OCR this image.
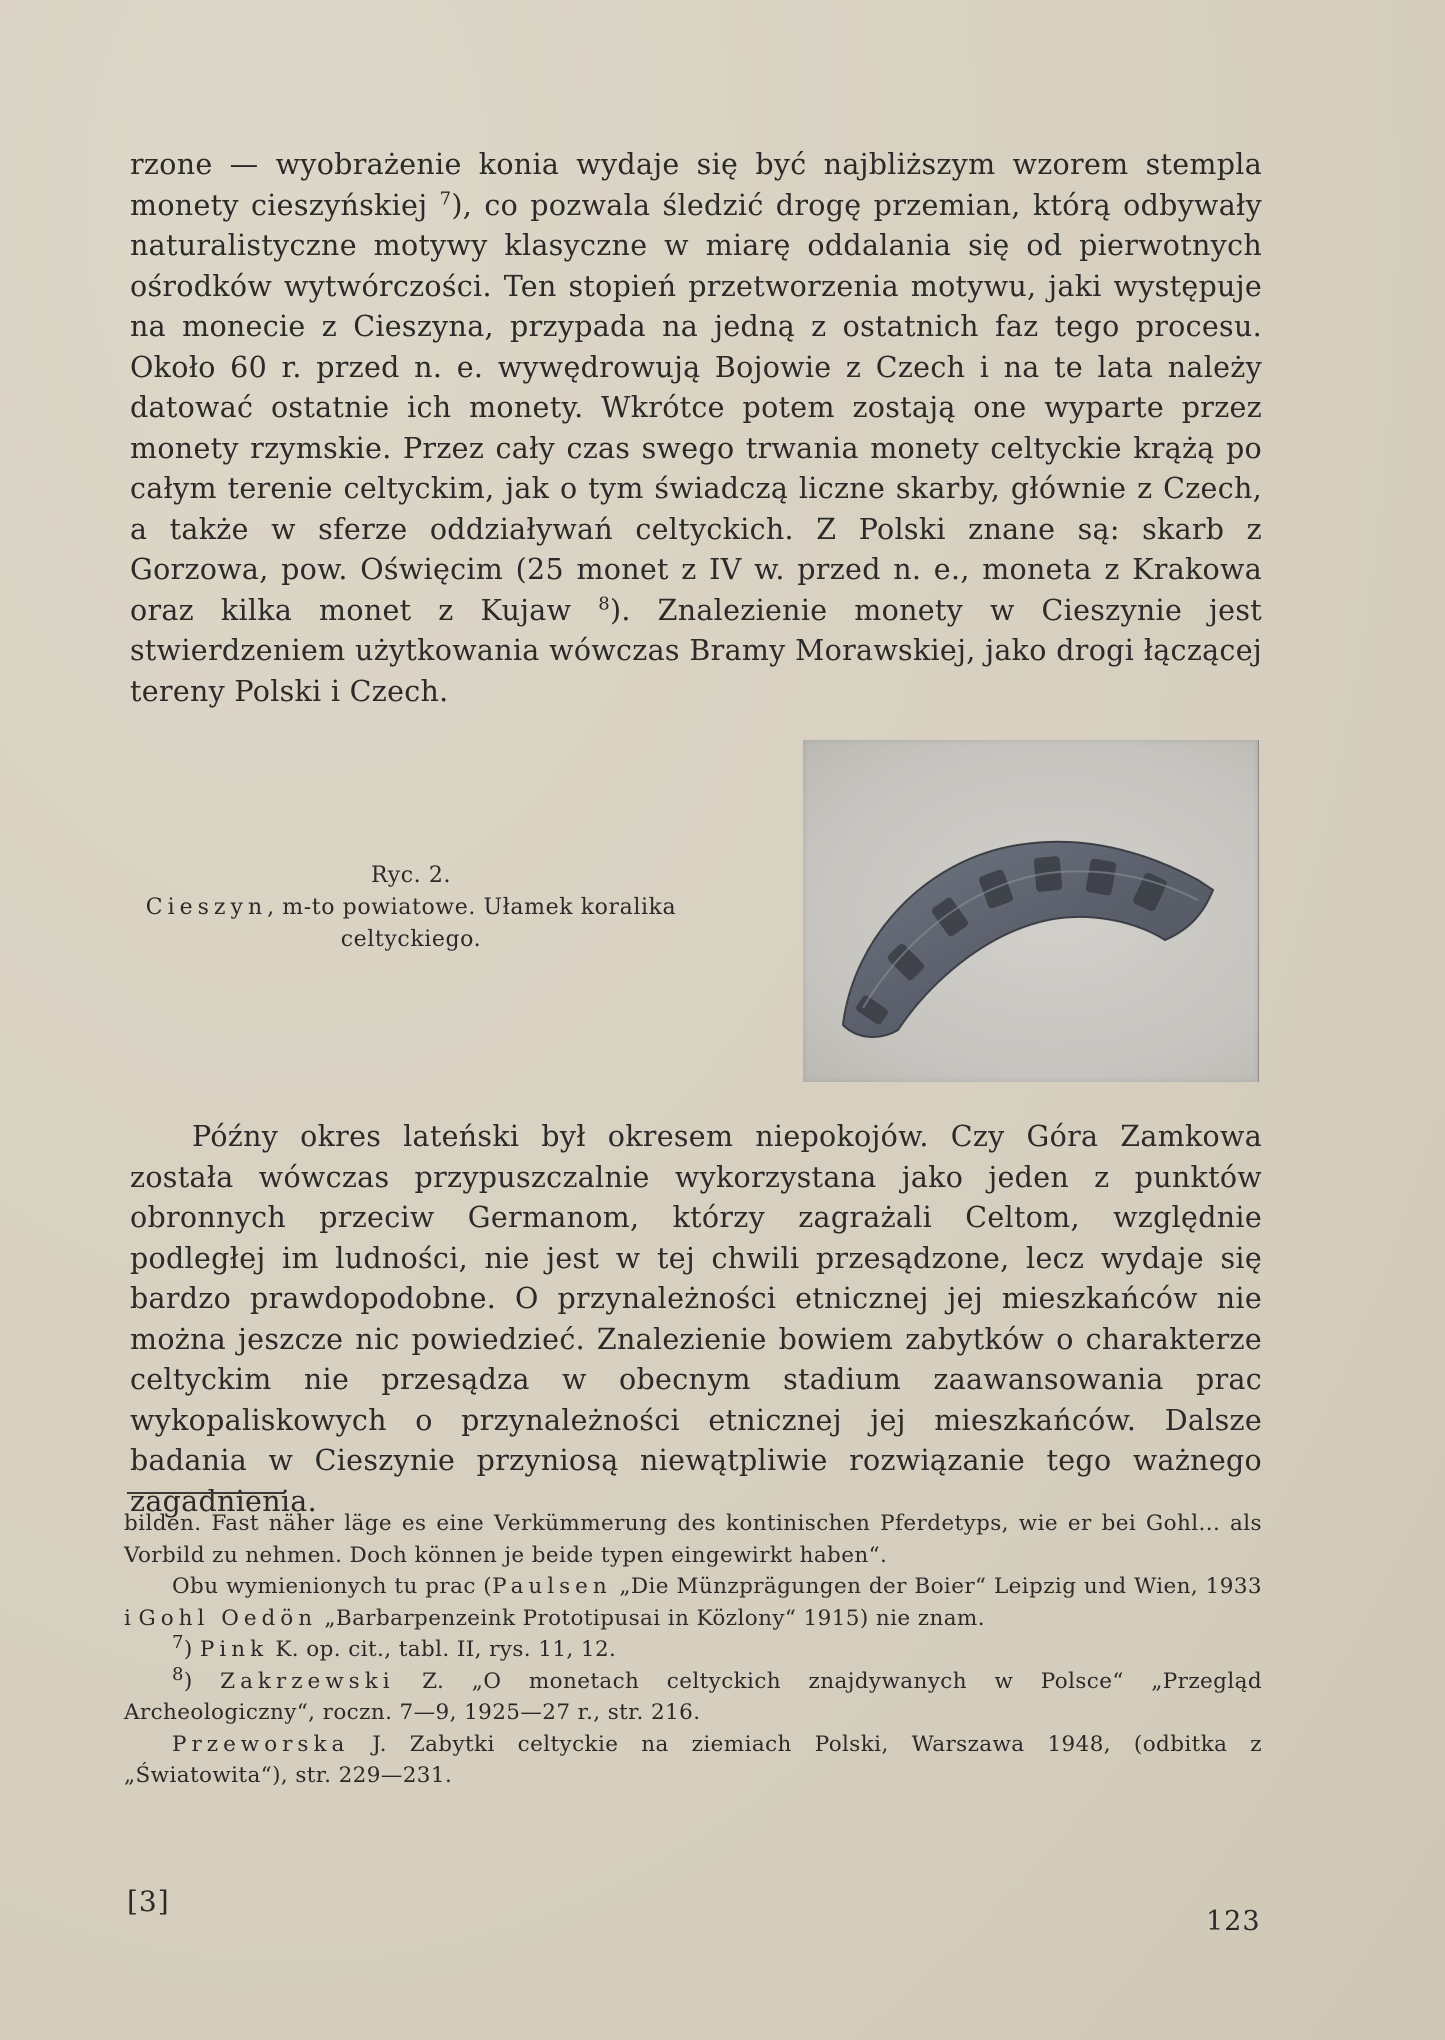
rzone — wyobrażenie konia wydaje się być najbliższym wzorem stempla monety cieszyńskiej $^7$), co pozwala śledzić drogę przemian, którą odbywały naturalistyczne motywy klasyczne w miarę oddalania się od pierwotnych ośrodków wytwórczości. Ten stopień przetworzenia motywu, jaki występuje na monecie z Cieszyna, przypada na jedną z ostatnich faz tego procesu. Około 60 r. przed n. e. wywędrowują Bojowie z Czech i na te lata należy datować ostatnie ich monety. Wkrótce potem zostają one wyparte przez monety rzymskie. Przez cały czas swego trwania monety celtyckie krążą po całym terenie celtyckim, jak o tym świadczą liczne skarby, głównie z Czech, a także w sferze oddziaływań celtyckich. Z Polski znane są: skarb z Gorzowa, pow. Oświęcim (25 monet z IV w. przed n. e., moneta z Krakowa oraz kilka monet z Kujaw $^8$). Znalezienie monety w Cieszynie jest stwierdzeniem użytkowania wówczas Bramy Morawskiej, jako drogi łączącej tereny Polski i Czech.

Ryc. 2.
Cieszyn, m-to powiatowe. Ułamek koralika celtyckiego.

Późny okres lateński był okresem niepokojów. Czy Góra Zamkowa została wówczas przypuszczalnie wykorzystana jako jeden z punktów obronnych przeciw Germanom, którzy zagrażali Celtom, względnie podległej im ludności, nie jest w tej chwili przesądzone, lecz wydaje się bardzo prawdopodobne. O przynależności etnicznej jej mieszkańców nie można jeszcze nic powiedzieć. Znalezienie bowiem zabytków o charakterze celtyckim nie przesądza w obecnym stadium zaawansowania prac wykopaliskowych o przynależności etnicznej jej mieszkańców. Dalsze badania w Cieszynie przyniosą niewątpliwie rozwiązanie tego ważnego zagadnienia.

bilden. Fast näher läge es eine Verkümmerung des kontinischen Pferdetyps, wie er bei Gohl... als Vorbild zu nehmen. Doch können je beide typen eingewirkt haben“.

Obu wymienionych tu prac (Paulsen „Die Münzprägungen der Boier“ Leipzig und Wien, 1933 i Gohl Oedön „Barbarpenzeink Prototipusai in Közlony“ 1915) nie znam.

$^7$) Pink K. op. cit., tabl. II, rys. 11, 12.

$^8$) Zakrzewski Z. „O monetach celtyckich znajdywanych w Polsce“ „Przegląd Archeologiczny“, roczn. 7—9, 1925—27 r., str. 216.

Przeworska J. Zabytki celtyckie na ziemiach Polski, Warszawa 1948, (odbitka z „Światowita“), str. 229—231.

[3]
123
